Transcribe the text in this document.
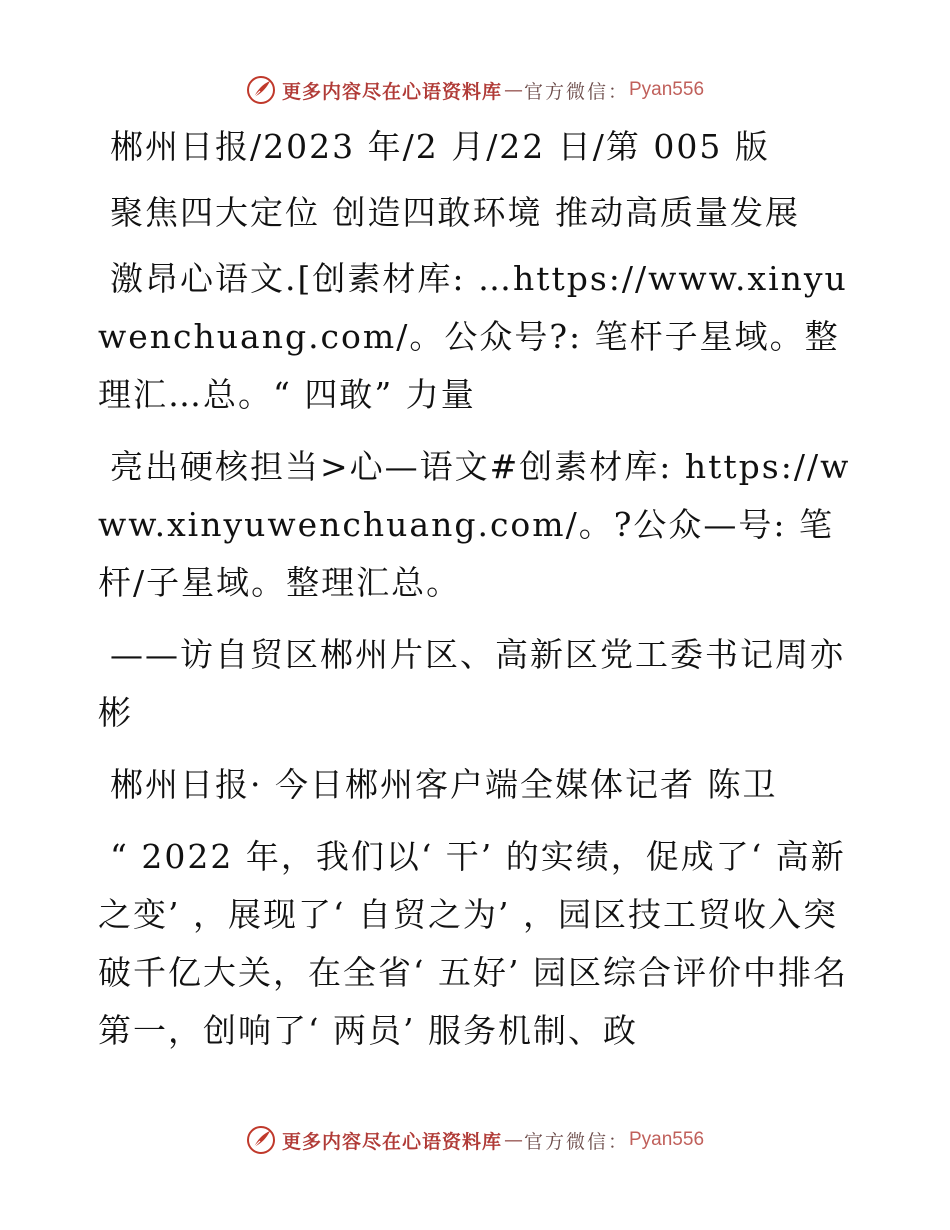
更多内容尽在心语资料库 — 官方微信： Pyan556

郴州日报/2023 年/2 月/22 日/第 005 版

聚焦四大定位 创造四敢环境 推动高质量发展

激昂心语文.[创素材库: …https://www.xinyuwenchuang.com/。公众号?: 笔杆子星域。整理汇…总。“ 四敢” 力量

亮出硬核担当>心—语文#创素材库: https://www.xinyuwenchuang.com/。?公众—号: 笔杆/子星域。整理汇总。

——访自贸区郴州片区、高新区党工委书记周亦彬

郴州日报· 今日郴州客户端全媒体记者 陈卫

“ 2022 年，我们以‘ 干’ 的实绩，促成了‘ 高新之变’ ，展现了‘ 自贸之为’ ，园区技工贸收入突破千亿大关，在全省‘ 五好’ 园区综合评价中排名第一，创响了‘ 两员’ 服务机制、政

更多内容尽在心语资料库 — 官方微信： Pyan556
